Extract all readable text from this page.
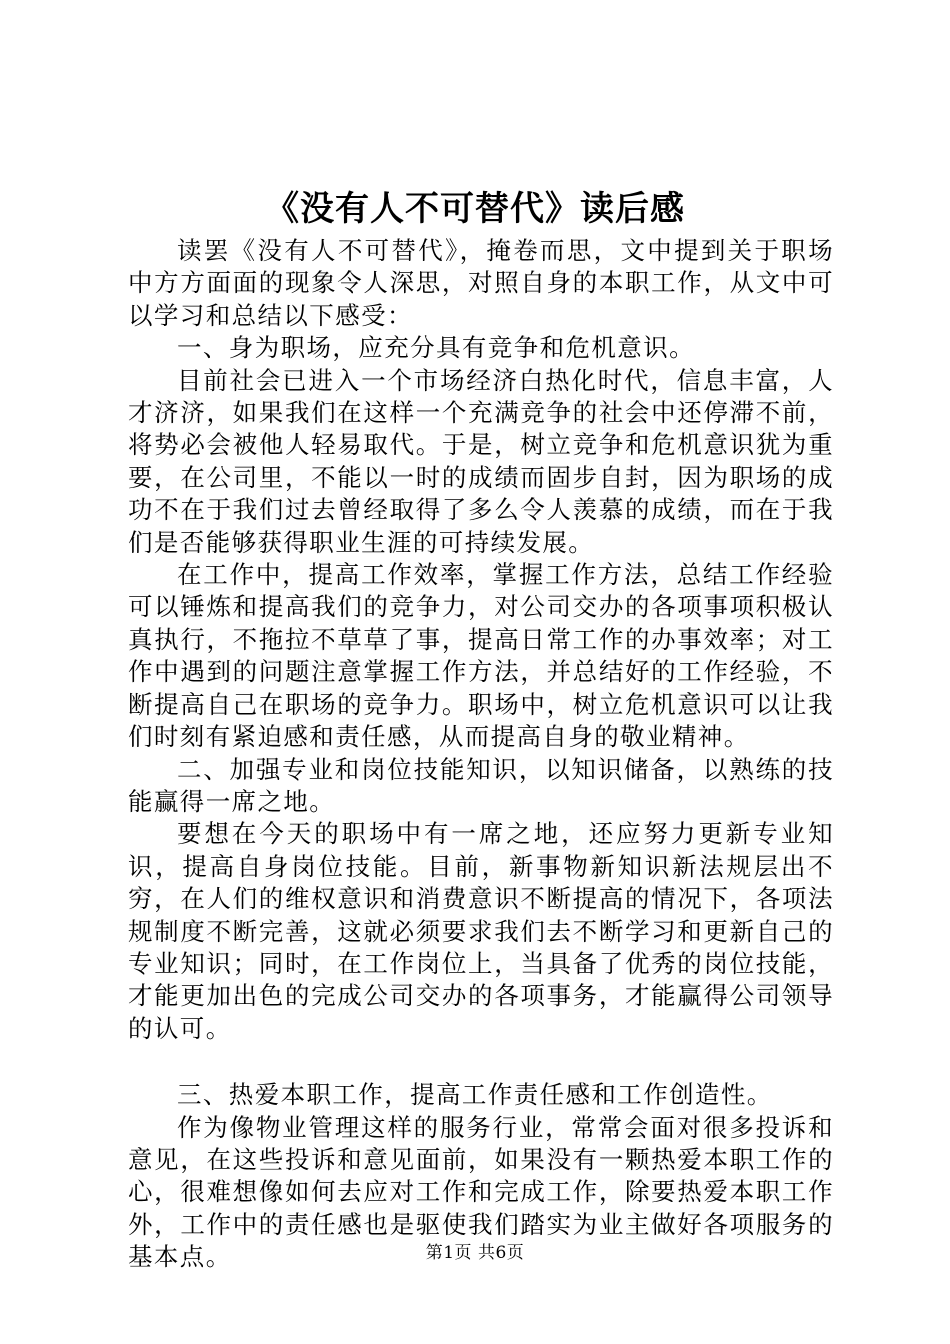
《没有人不可替代》读后感

读罢《没有人不可替代》，掩卷而思，文中提到关于职场中方方面面的现象令人深思，对照自身的本职工作，从文中可以学习和总结以下感受：

一、身为职场，应充分具有竞争和危机意识。

目前社会已进入一个市场经济白热化时代，信息丰富，人才济济，如果我们在这样一个充满竞争的社会中还停滞不前，将势必会被他人轻易取代。于是，树立竞争和危机意识犹为重要，在公司里，不能以一时的成绩而固步自封，因为职场的成功不在于我们过去曾经取得了多么令人羡慕的成绩，而在于我们是否能够获得职业生涯的可持续发展。

在工作中，提高工作效率，掌握工作方法，总结工作经验可以锤炼和提高我们的竞争力，对公司交办的各项事项积极认真执行，不拖拉不草草了事，提高日常工作的办事效率；对工作中遇到的问题注意掌握工作方法，并总结好的工作经验，不断提高自己在职场的竞争力。职场中，树立危机意识可以让我们时刻有紧迫感和责任感，从而提高自身的敬业精神。

二、加强专业和岗位技能知识，以知识储备，以熟练的技能赢得一席之地。

要想在今天的职场中有一席之地，还应努力更新专业知识，提高自身岗位技能。目前，新事物新知识新法规层出不穷，在人们的维权意识和消费意识不断提高的情况下，各项法规制度不断完善，这就必须要求我们去不断学习和更新自己的专业知识；同时，在工作岗位上，当具备了优秀的岗位技能，才能更加出色的完成公司交办的各项事务，才能赢得公司领导的认可。

三、热爱本职工作，提高工作责任感和工作创造性。

作为像物业管理这样的服务行业，常常会面对很多投诉和意见，在这些投诉和意见面前，如果没有一颗热爱本职工作的心，很难想像如何去应对工作和完成工作，除要热爱本职工作外，工作中的责任感也是驱使我们踏实为业主做好各项服务的基本点。	第1页 共6页
